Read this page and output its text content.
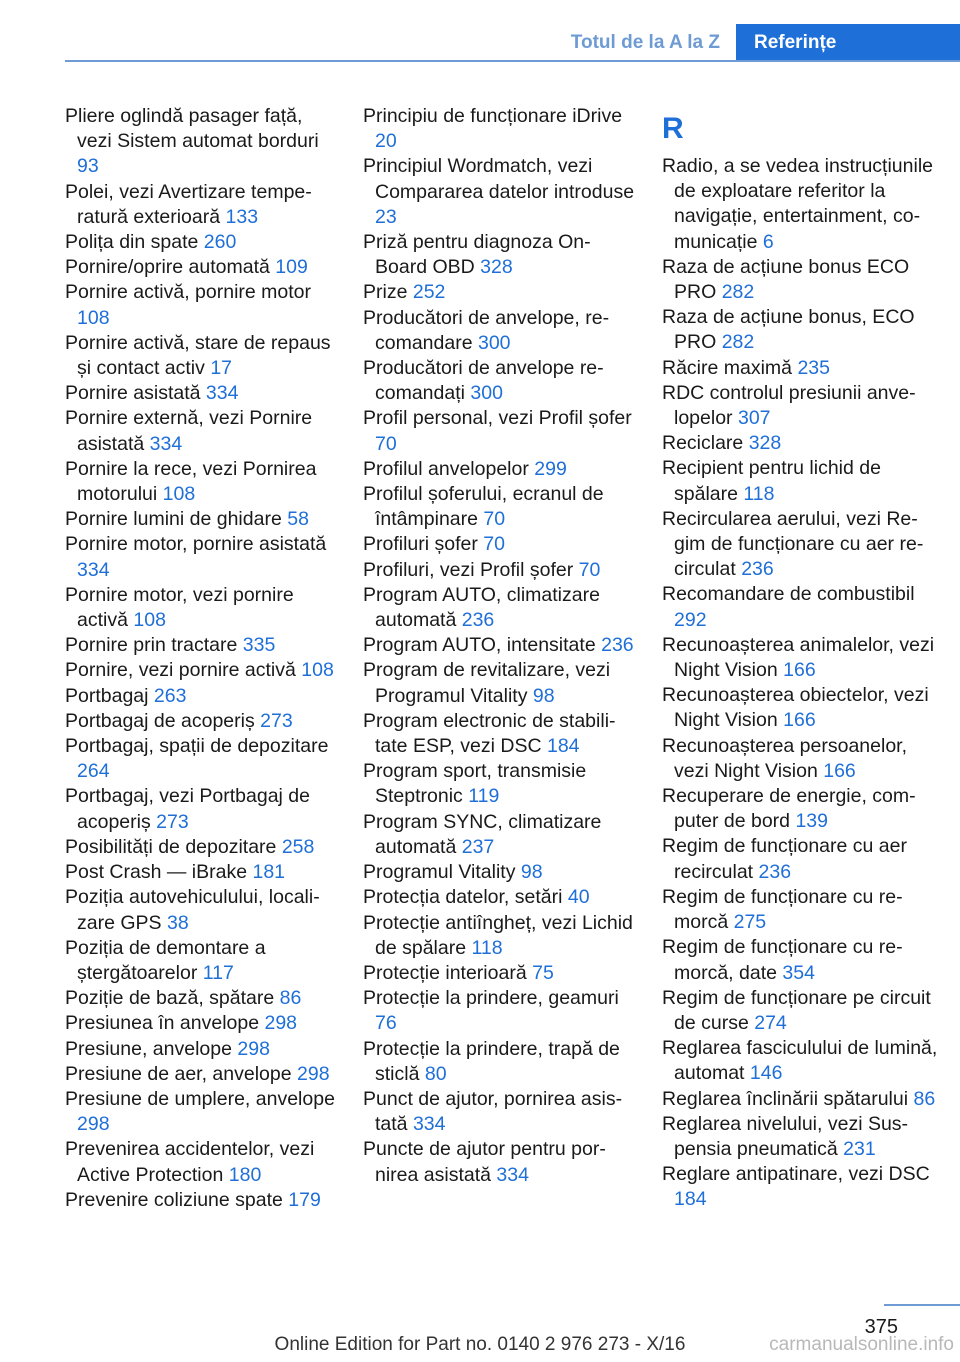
Totul de la A la Z	Referințe
Pliere oglindă pasager față, vezi Sistem automat borduri 93
Polei, vezi Avertizare temperatură exterioară 133
Polița din spate 260
Pornire/oprire automată 109
Pornire activă, pornire motor 108
Pornire activă, stare de repaus și contact activ 17
Pornire asistată 334
Pornire externă, vezi Pornire asistată 334
Pornire la rece, vezi Pornirea motorului 108
Pornire lumini de ghidare 58
Pornire motor, pornire asistată 334
Pornire motor, vezi pornire activă 108
Pornire prin tractare 335
Pornire, vezi pornire activă 108
Portbagaj 263
Portbagaj de acoperiș 273
Portbagaj, spații de depozitare 264
Portbagaj, vezi Portbagaj de acoperiș 273
Posibilități de depozitare 258
Post Crash — iBrake 181
Poziția autovehiculului, localizare GPS 38
Poziția de demontare a ștergătoarelor 117
Poziție de bază, spătare 86
Presiunea în anvelope 298
Presiune, anvelope 298
Presiune de aer, anvelope 298
Presiune de umplere, anvelope 298
Prevenirea accidentelor, vezi Active Protection 180
Prevenire coliziune spate 179
Principiu de funcționare iDrive 20
Principiul Wordmatch, vezi Compararea datelor introduse 23
Priză pentru diagnoza On-Board OBD 328
Prize 252
Producători de anvelope, recomandare 300
Producători de anvelope recomandați 300
Profil personal, vezi Profil șofer 70
Profilul anvelopelor 299
Profilul șoferului, ecranul de întâmpinare 70
Profiluri șofer 70
Profiluri, vezi Profil șofer 70
Program AUTO, climatizare automată 236
Program AUTO, intensitate 236
Program de revitalizare, vezi Programul Vitality 98
Program electronic de stabilitate ESP, vezi DSC 184
Program sport, transmisie Steptronic 119
Program SYNC, climatizare automată 237
Programul Vitality 98
Protecția datelor, setări 40
Protecție antiîngheț, vezi Lichid de spălare 118
Protecție interioară 75
Protecție la prindere, geamuri 76
Protecție la prindere, trapă de sticlă 80
Punct de ajutor, pornirea asistată 334
Puncte de ajutor pentru pornirea asistată 334
R
Radio, a se vedea instrucțiunile de exploatare referitor la navigație, entertainment, comunicație 6
Raza de acțiune bonus ECO PRO 282
Raza de acțiune bonus, ECO PRO 282
Răcire maximă 235
RDC controlul presiunii anvelopelor 307
Reciclare 328
Recipient pentru lichid de spălare 118
Recircularea aerului, vezi Regim de funcționare cu aer recirculat 236
Recomandare de combustibil 292
Recunoașterea animalelor, vezi Night Vision 166
Recunoașterea obiectelor, vezi Night Vision 166
Recunoașterea persoanelor, vezi Night Vision 166
Recuperare de energie, computer de bord 139
Regim de funcționare cu aer recirculat 236
Regim de funcționare cu remorcă 275
Regim de funcționare cu remorcă, date 354
Regim de funcționare pe circuit de curse 274
Reglarea fasciculului de lumină, automat 146
Reglarea înclinării spătarului 86
Reglarea nivelului, vezi Suspensia pneumatică 231
Reglare antipatinare, vezi DSC 184
375
Online Edition for Part no. 0140 2 976 273 - X/16	carmanualsonline.info
